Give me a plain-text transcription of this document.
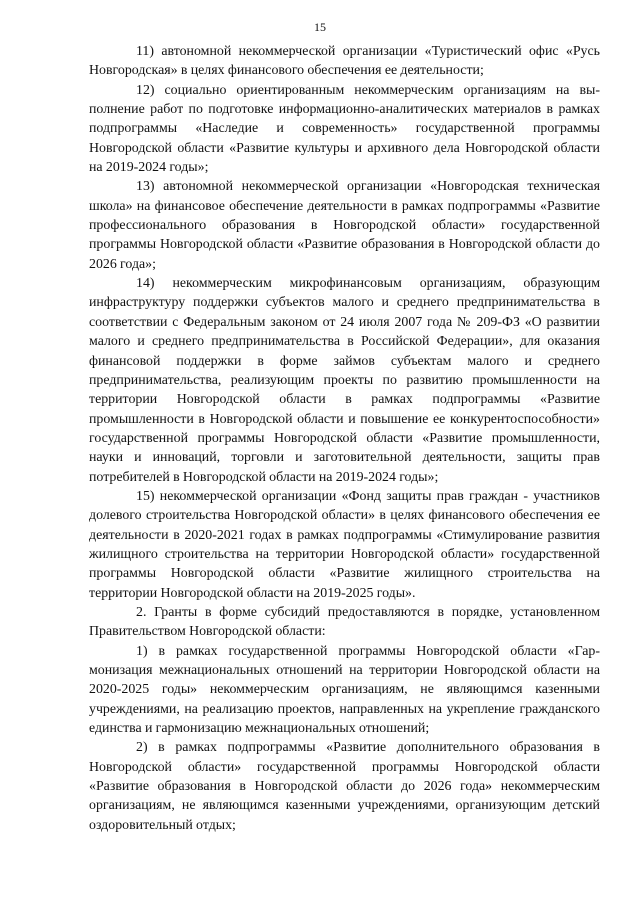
15

11) автономной некоммерческой организации «Туристический офис «Русь Новгородская» в целях финансового обеспечения ее деятельности;

12) социально ориентированным некоммерческим организациям на выполнение работ по подготовке информационно-аналитических материалов в рамках подпрограммы «Наследие и современность» государственной программы Новгородской области «Развитие культуры и архивного дела Новгородской области на 2019-2024 годы»;

13) автономной некоммерческой организации «Новгородская техническая школа» на финансовое обеспечение деятельности в рамках подпрограммы «Развитие профессионального образования в Новгородской области» государственной программы Новгородской области «Развитие образования в Новгородской области до 2026 года»;

14) некоммерческим микрофинансовым организациям, образующим инфраструктуру поддержки субъектов малого и среднего предпринимательства в соответствии с Федеральным законом от 24 июля 2007 года № 209-ФЗ «О развитии малого и среднего предпринимательства в Российской Федерации», для оказания финансовой поддержки в форме займов субъектам малого и среднего предпринимательства, реализующим проекты по развитию промышленности на территории Новгородской области в рамках подпрограммы «Развитие промышленности в Новгородской области и повышение ее конкурентоспособности» государственной программы Новгородской области «Развитие промышленности, науки и инноваций, торговли и заготовительной деятельности, защиты прав потребителей в Новгородской области на 2019-2024 годы»;

15) некоммерческой организации «Фонд защиты прав граждан - участников долевого строительства Новгородской области» в целях финансового обеспечения ее деятельности в 2020-2021 годах в рамках подпрограммы «Стимулирование развития жилищного строительства на территории Новгородской области» государственной программы Новгородской области «Развитие жилищного строительства на территории Новгородской области на 2019-2025 годы».

2. Гранты в форме субсидий предоставляются в порядке, установленном Правительством Новгородской области:

1) в рамках государственной программы Новгородской области «Гармонизация межнациональных отношений на территории Новгородской области на 2020-2025 годы» некоммерческим организациям, не являющимся казенными учреждениями, на реализацию проектов, направленных на укрепление гражданского единства и гармонизацию межнациональных отношений;

2) в рамках подпрограммы «Развитие дополнительного образования в Новгородской области» государственной программы Новгородской области «Развитие образования в Новгородской области до 2026 года» некоммерческим организациям, не являющимся казенными учреждениями, организующим детский оздоровительный отдых;
